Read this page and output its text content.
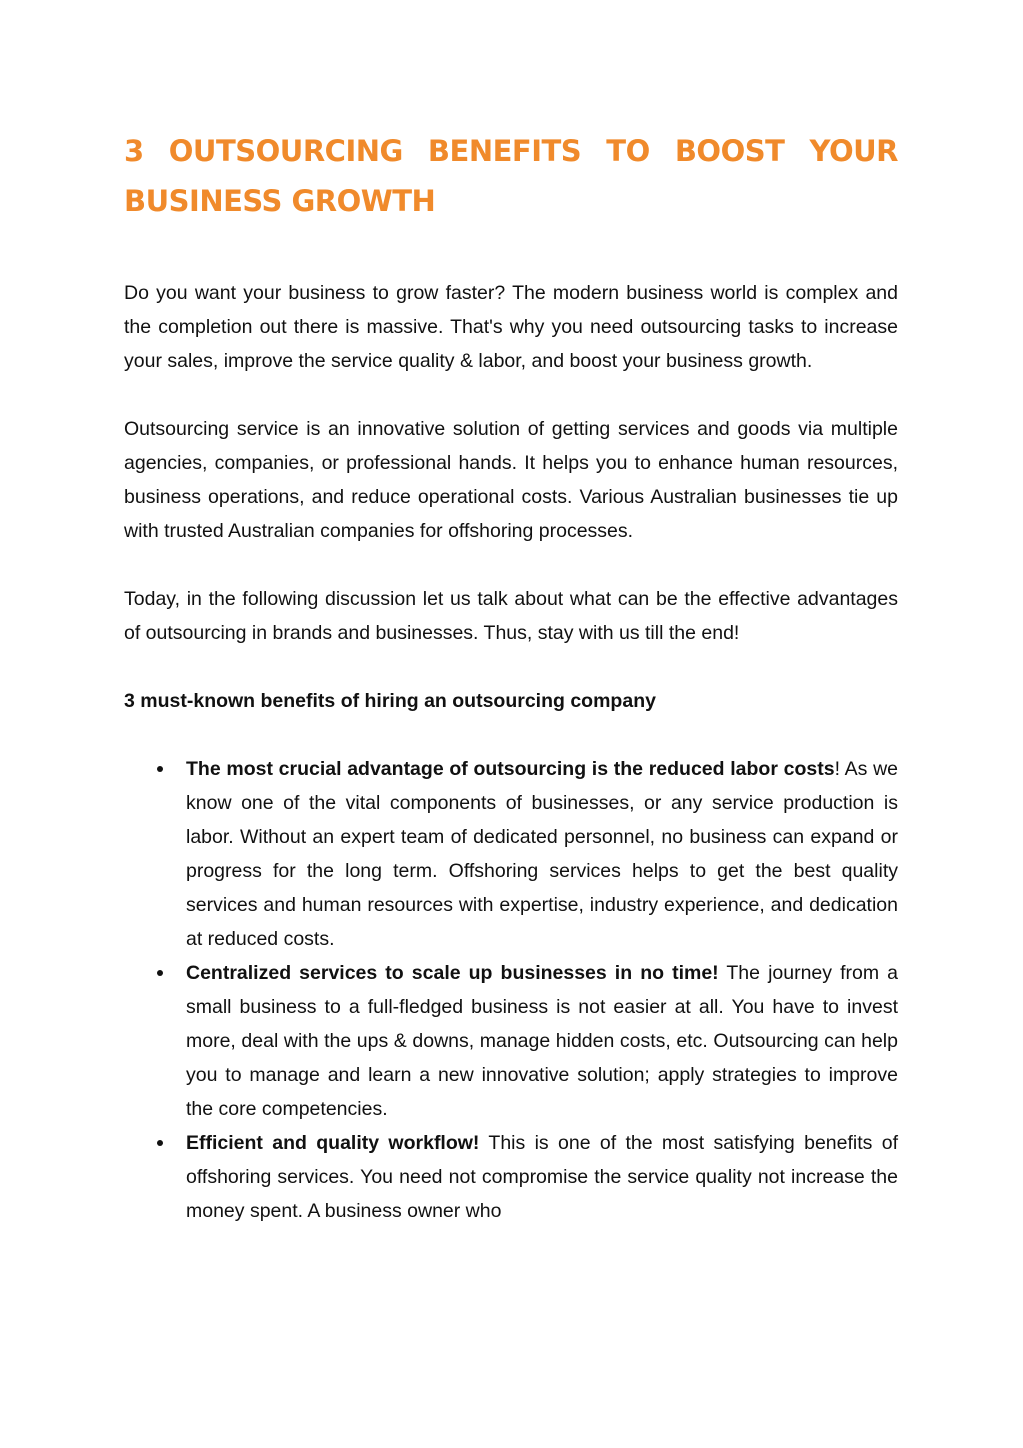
3 OUTSOURCING BENEFITS TO BOOST YOUR BUSINESS GROWTH

Do you want your business to grow faster? The modern business world is complex and the completion out there is massive. That's why you need outsourcing tasks to increase your sales, improve the service quality & labor, and boost your business growth.

Outsourcing service is an innovative solution of getting services and goods via multiple agencies, companies, or professional hands. It helps you to enhance human resources, business operations, and reduce operational costs. Various Australian businesses tie up with trusted Australian companies for offshoring processes.

Today, in the following discussion let us talk about what can be the effective advantages of outsourcing in brands and businesses. Thus, stay with us till the end!

3 must-known benefits of hiring an outsourcing company

The most crucial advantage of outsourcing is the reduced labor costs! As we know one of the vital components of businesses, or any service production is labor. Without an expert team of dedicated personnel, no business can expand or progress for the long term. Offshoring services helps to get the best quality services and human resources with expertise, industry experience, and dedication at reduced costs.
Centralized services to scale up businesses in no time! The journey from a small business to a full-fledged business is not easier at all. You have to invest more, deal with the ups & downs, manage hidden costs, etc. Outsourcing can help you to manage and learn a new innovative solution; apply strategies to improve the core competencies.
Efficient and quality workflow! This is one of the most satisfying benefits of offshoring services. You need not compromise the service quality not increase the money spent. A business owner who
